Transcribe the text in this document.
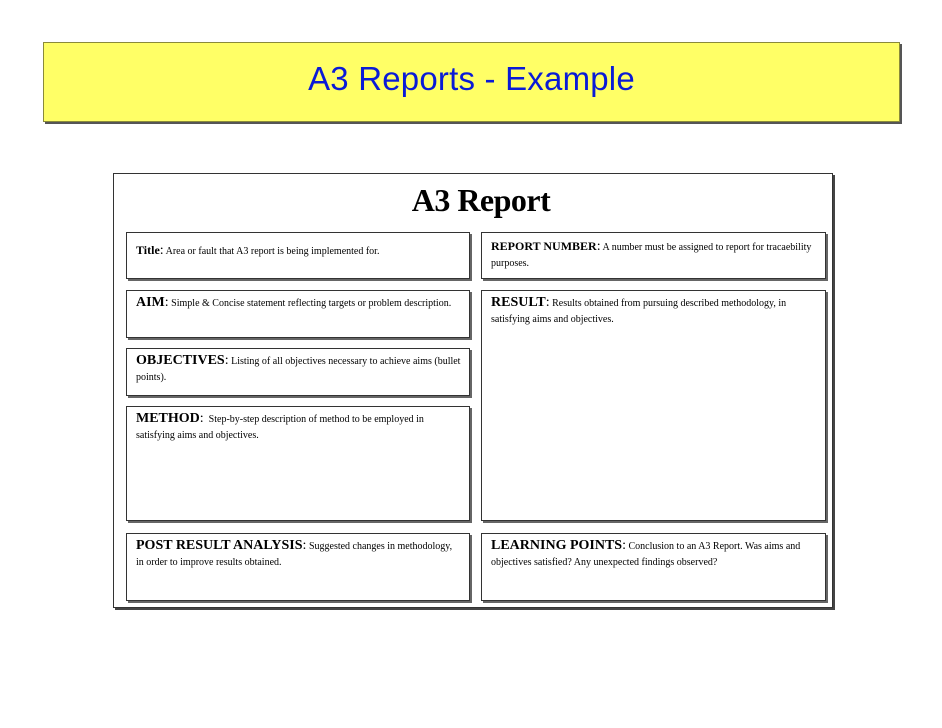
A3 Reports - Example
A3 Report
Title: Area or fault that A3 report is being implemented for.	REPORT NUMBER: A number must be assigned to report for tracaebility purposes.
AIM: Simple & Concise statement reflecting targets or problem description.	RESULT: Results obtained from pursuing described methodology, in satisfying aims and objectives.
OBJECTIVES: Listing of all objectives necessary to achieve aims (bullet points).
METHOD: Step-by-step description of method to be employed in satisfying aims and objectives.
POST RESULT ANALYSIS: Suggested changes in methodology, in order to improve results obtained.
LEARNING POINTS: Conclusion to an A3 Report. Was aims and objectives satisfied? Any unexpected findings observed?
